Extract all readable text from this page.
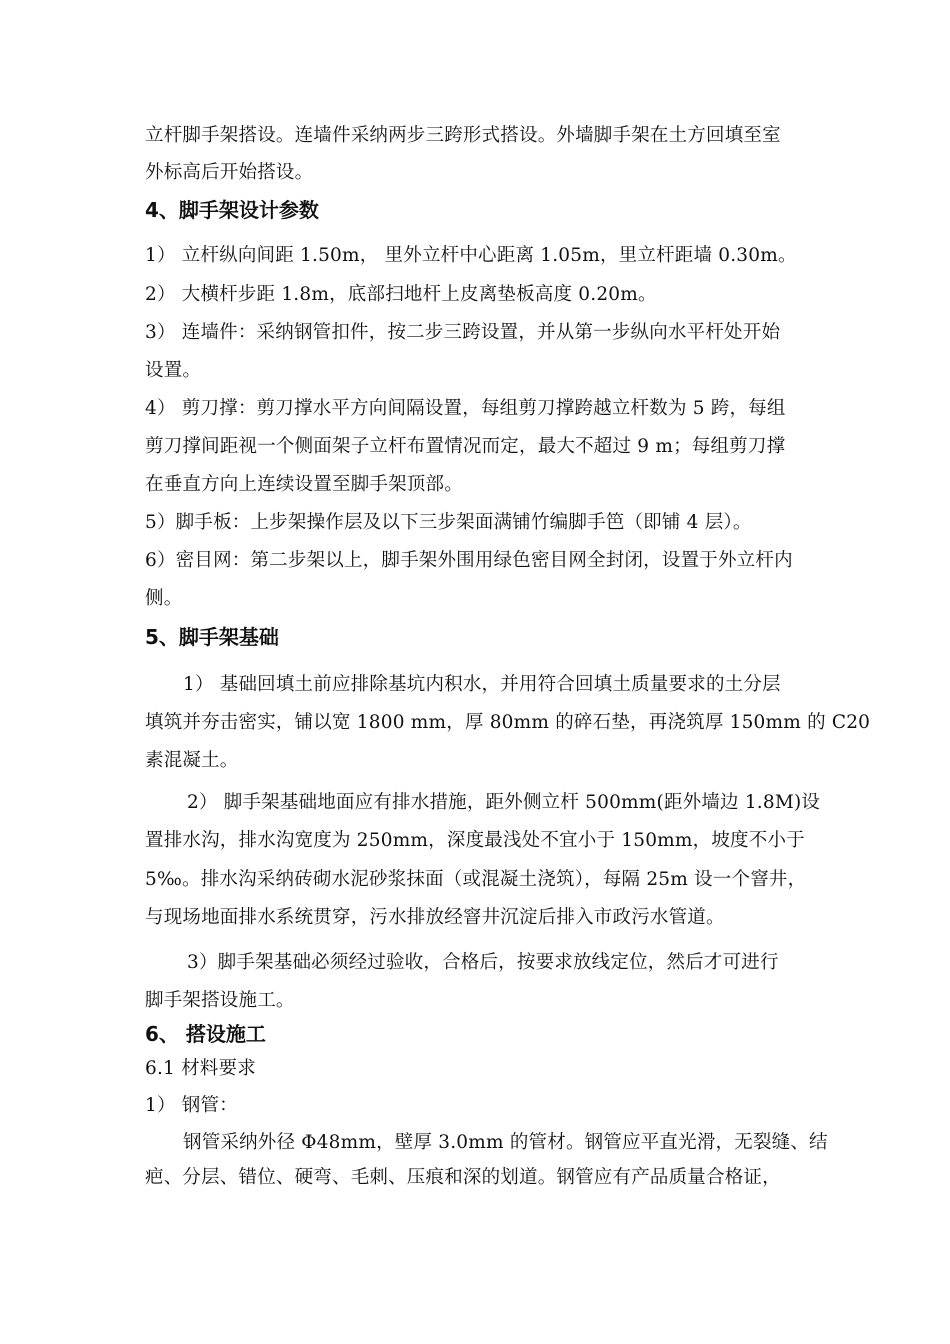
立杆脚手架搭设。连墙件采纳两步三跨形式搭设。外墙脚手架在土方回填至室
外标高后开始搭设。
4、脚手架设计参数
1） 立杆纵向间距 1.50m， 里外立杆中心距离 1.05m，里立杆距墙 0.30m。
2） 大横杆步距 1.8m，底部扫地杆上皮离垫板高度 0.20m。
3） 连墙件：采纳钢管扣件，按二步三跨设置，并从第一步纵向水平杆处开始
设置。
4） 剪刀撑：剪刀撑水平方向间隔设置，每组剪刀撑跨越立杆数为 5 跨，每组
剪刀撑间距视一个侧面架子立杆布置情况而定，最大不超过 9 m；每组剪刀撑
在垂直方向上连续设置至脚手架顶部。
5）脚手板：上步架操作层及以下三步架面满铺竹编脚手笆（即铺 4 层）。
6）密目网：第二步架以上，脚手架外围用绿色密目网全封闭，设置于外立杆内
侧。
5、脚手架基础
1） 基础回填土前应排除基坑内积水，并用符合回填土质量要求的土分层
填筑并夯击密实，铺以宽 1800 mm，厚 80mm 的碎石垫，再浇筑厚 150mm 的 C20
素混凝土。
2） 脚手架基础地面应有排水措施，距外侧立杆 500mm(距外墙边 1.8M)设
置排水沟，排水沟宽度为 250mm，深度最浅处不宜小于 150mm，坡度不小于
5‰。排水沟采纳砖砌水泥砂浆抹面（或混凝土浇筑），每隔 25m 设一个窨井，
与现场地面排水系统贯穿，污水排放经窨井沉淀后排入市政污水管道。
3）脚手架基础必须经过验收，合格后，按要求放线定位，然后才可进行
脚手架搭设施工。
6、 搭设施工
6.1 材料要求
1） 钢管：
钢管采纳外径 Φ48mm，壁厚 3.0mm 的管材。钢管应平直光滑，无裂缝、结
疤、分层、错位、硬弯、毛刺、压痕和深的划道。钢管应有产品质量合格证，
